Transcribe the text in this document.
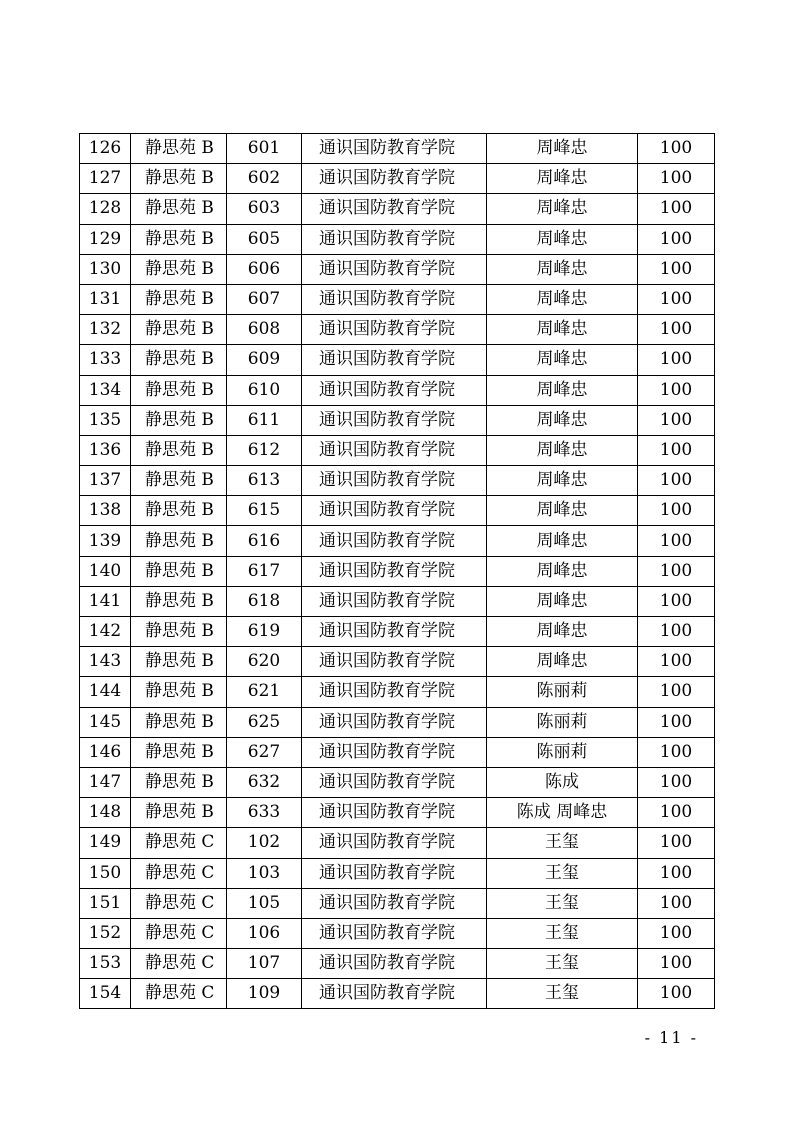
126	静思苑 B	601	通识国防教育学院	周峰忠	100
127	静思苑 B	602	通识国防教育学院	周峰忠	100
128	静思苑 B	603	通识国防教育学院	周峰忠	100
129	静思苑 B	605	通识国防教育学院	周峰忠	100
130	静思苑 B	606	通识国防教育学院	周峰忠	100
131	静思苑 B	607	通识国防教育学院	周峰忠	100
132	静思苑 B	608	通识国防教育学院	周峰忠	100
133	静思苑 B	609	通识国防教育学院	周峰忠	100
134	静思苑 B	610	通识国防教育学院	周峰忠	100
135	静思苑 B	611	通识国防教育学院	周峰忠	100
136	静思苑 B	612	通识国防教育学院	周峰忠	100
137	静思苑 B	613	通识国防教育学院	周峰忠	100
138	静思苑 B	615	通识国防教育学院	周峰忠	100
139	静思苑 B	616	通识国防教育学院	周峰忠	100
140	静思苑 B	617	通识国防教育学院	周峰忠	100
141	静思苑 B	618	通识国防教育学院	周峰忠	100
142	静思苑 B	619	通识国防教育学院	周峰忠	100
143	静思苑 B	620	通识国防教育学院	周峰忠	100
144	静思苑 B	621	通识国防教育学院	陈丽莉	100
145	静思苑 B	625	通识国防教育学院	陈丽莉	100
146	静思苑 B	627	通识国防教育学院	陈丽莉	100
147	静思苑 B	632	通识国防教育学院	陈成	100
148	静思苑 B	633	通识国防教育学院	陈成 周峰忠	100
149	静思苑 C	102	通识国防教育学院	王玺	100
150	静思苑 C	103	通识国防教育学院	王玺	100
151	静思苑 C	105	通识国防教育学院	王玺	100
152	静思苑 C	106	通识国防教育学院	王玺	100
153	静思苑 C	107	通识国防教育学院	王玺	100
154	静思苑 C	109	通识国防教育学院	王玺	100
- 11 -
